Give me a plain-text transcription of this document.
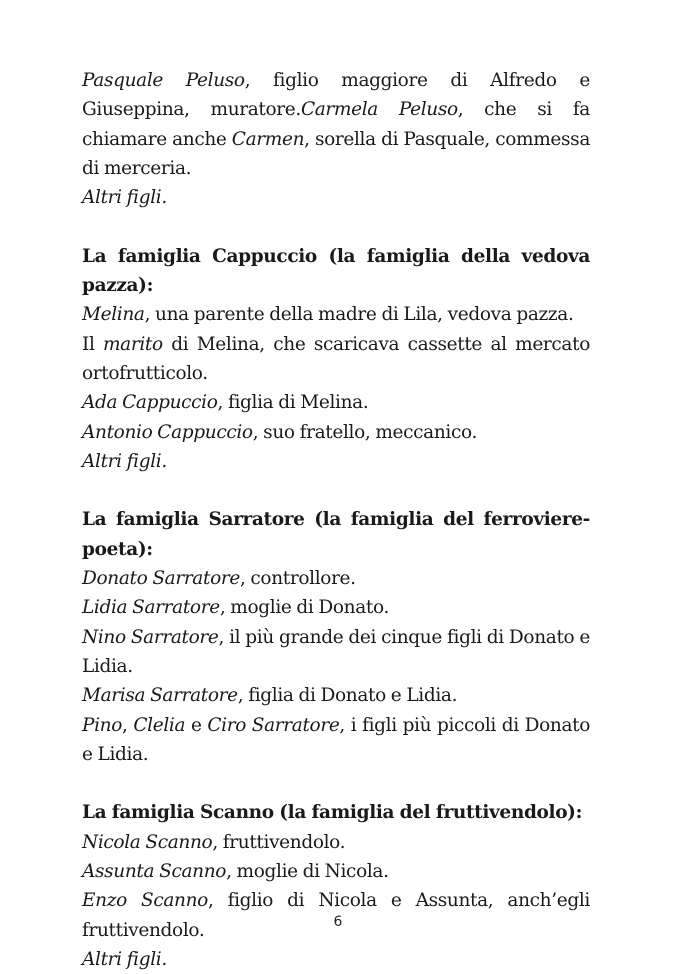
Pasquale Peluso, figlio maggiore di Alfredo e Giuseppina, muratore.Carmela Peluso, che si fa chiamare anche Carmen, sorella di Pasquale, commessa di merceria.

Altri figli.

La famiglia Cappuccio (la famiglia della vedova pazza):

Melina, una parente della madre di Lila, vedova pazza.

Il marito di Melina, che scaricava cassette al mercato ortofrutticolo.

Ada Cappuccio, figlia di Melina.

Antonio Cappuccio, suo fratello, meccanico.

Altri figli.

La famiglia Sarratore (la famiglia del ferroviere-poeta):

Donato Sarratore, controllore.

Lidia Sarratore, moglie di Donato.

Nino Sarratore, il più grande dei cinque figli di Donato e Lidia.

Marisa Sarratore, figlia di Donato e Lidia.

Pino, Clelia e Ciro Sarratore, i figli più piccoli di Donato e Lidia.

La famiglia Scanno (la famiglia del fruttivendolo):

Nicola Scanno, fruttivendolo.

Assunta Scanno, moglie di Nicola.

Enzo Scanno, figlio di Nicola e Assunta, anch’egli fruttivendolo.

Altri figli.

6
